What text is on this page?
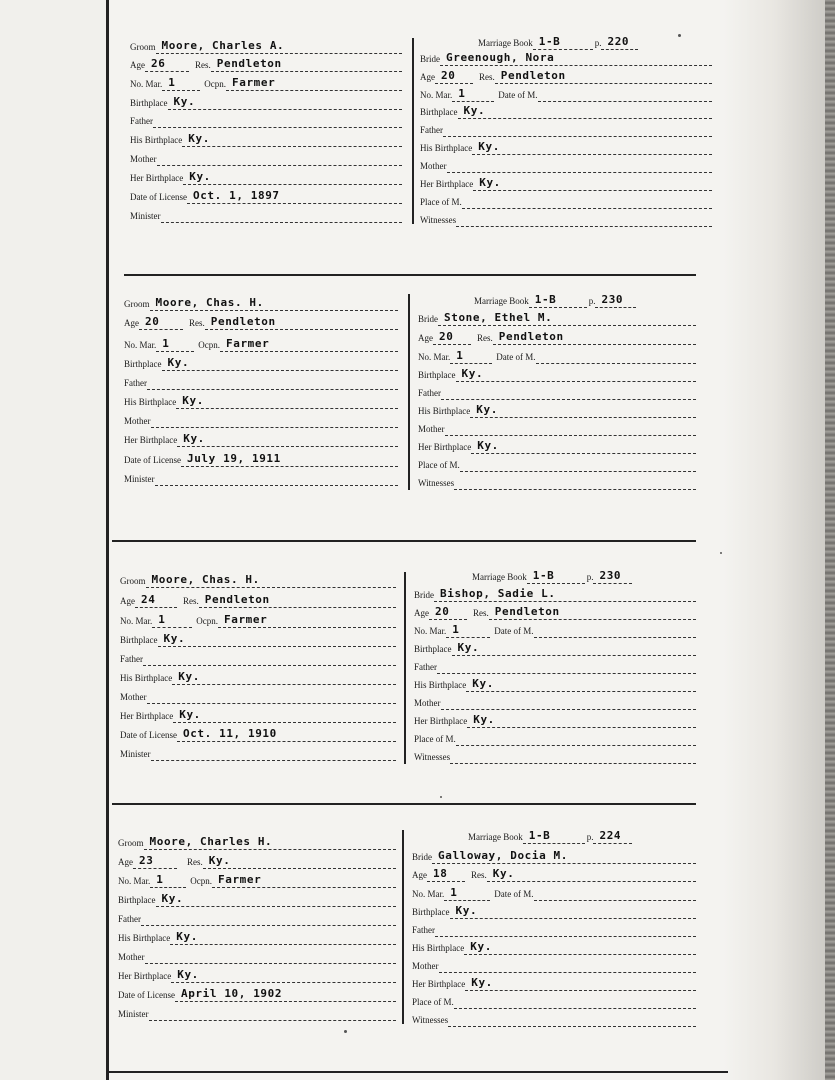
Groom Moore, Charles A.
Age 26	Res. Pendleton
No. Mar. 1	Ocpn. Farmer
Birthplace Ky.
Father
His Birthplace Ky.
Mother
Her Birthplace Ky.
Date of License Oct. 1, 1897
Minister
Marriage Book 1-B	p. 220
Bride Greenough, Nora
Age 20	Res. Pendleton
No. Mar. 1	Date of M.
Birthplace Ky.
Father
His Birthplace Ky.
Mother
Her Birthplace Ky.
Place of M.
Witnesses
Groom Moore, Chas. H.
Age 20	Res. Pendleton
No. Mar. 1	Ocpn. Farmer
Birthplace Ky.
Father
His Birthplace Ky.
Mother
Her Birthplace Ky.
Date of License July 19, 1911
Minister
Marriage Book 1-B	p. 230
Bride Stone, Ethel M.
Age 20	Res. Pendleton
No. Mar. 1	Date of M.
Birthplace Ky.
Father
His Birthplace Ky.
Mother
Her Birthplace Ky.
Place of M.
Witnesses
Groom Moore, Chas. H.
Age 24	Res. Pendleton
No. Mar. 1	Ocpn. Farmer
Birthplace Ky.
Father
His Birthplace Ky.
Mother
Her Birthplace Ky.
Date of License Oct. 11, 1910
Minister
Marriage Book 1-B	p. 230
Bride Bishop, Sadie L.
Age 20	Res. Pendleton
No. Mar. 1	Date of M.
Birthplace Ky.
Father
His Birthplace Ky.
Mother
Her Birthplace Ky.
Place of M.
Witnesses
Groom Moore, Charles H.
Age 23	Res. Ky.
No. Mar. 1	Ocpn. Farmer
Birthplace Ky.
Father
His Birthplace Ky.
Mother
Her Birthplace Ky.
Date of License April 10, 1902
Minister
Marriage Book 1-B	p. 224
Bride Galloway, Docia M.
Age 18	Res. Ky.
No. Mar. 1	Date of M.
Birthplace Ky.
Father
His Birthplace Ky.
Mother
Her Birthplace Ky.
Place of M.
Witnesses
